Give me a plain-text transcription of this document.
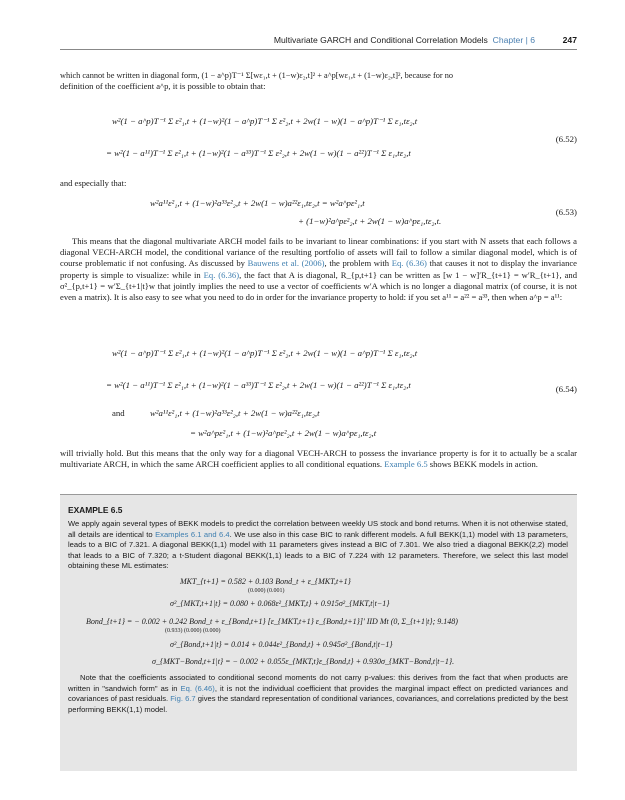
Multivariate GARCH and Conditional Correlation Models Chapter | 6	247

which cannot be written in diagonal form, (1 − a^p)T⁻¹ Σ[wε₁,t + (1−w)ε₂,t]² + a^p[wε₁,t + (1−w)ε₂,t]², because for no

definition of the coefficient a^p, it is possible to obtain that:

w²(1 − a^p)T⁻¹ Σ ε²₁,t + (1−w)²(1 − a^p)T⁻¹ Σ ε²₂,t + 2w(1 − w)(1 − a^p)T⁻¹ Σ ε₁,tε₂,t
= w²(1 − a¹¹)T⁻¹ Σ ε²₁,t + (1−w)²(1 − a³³)T⁻¹ Σ ε²₂,t + 2w(1 − w)(1 − a²²)T⁻¹ Σ ε₁,tε₂,t
(6.52)
and especially that:
w²a¹¹ε²₁,t + (1−w)²a³³ε²₂,t + 2w(1 − w)a²²ε₁,tε₂,t = w²a^pε²₁,t
+ (1−w)²a^pε²₂,t + 2w(1 − w)a^pε₁,tε₂,t.
(6.53)

This means that the diagonal multivariate ARCH model fails to be invariant to linear combinations: if you start with N assets that each follows a diagonal VECH-ARCH model, the conditional variance of the resulting portfolio of assets will fail to follow a similar diagonal model, which is of course problematic if not confusing. As discussed by Bauwens et al. (2006), the problem with Eq. (6.36) that causes it not to display the invariance property is simple to visualize: while in Eq. (6.36), the fact that A is diagonal, R_{p,t+1} can be written as [w 1 − w]′R_{t+1} = w′R_{t+1}, and σ²_{p,t+1} = w′Σ_{t+1|t}w that jointly implies the need to use a vector of coefficients w′A which is no longer a diagonal matrix (of course, it is not even a matrix). It is also easy to see what you need to do in order for the invariance property to hold: if you set a¹¹ = a²² = a³³, then when a^p = a¹¹:

w²(1 − a^p)T⁻¹ Σ ε²₁,t + (1−w)²(1 − a^p)T⁻¹ Σ ε²₂,t + 2w(1 − w)(1 − a^p)T⁻¹ Σ ε₁,tε₂,t
= w²(1 − a¹¹)T⁻¹ Σ ε²₁,t + (1−w)²(1 − a³³)T⁻¹ Σ ε²₂,t + 2w(1 − w)(1 − a²²)T⁻¹ Σ ε₁,tε₂,t	(6.54)
and	w²a¹¹ε²₁,t + (1−w)²a³³ε²₂,t + 2w(1 − w)a²²ε₁,tε₂,t
= w²a^pε²₁,t + (1−w)²a^pε²₂,t + 2w(1 − w)a^pε₁,tε₂,t

will trivially hold. But this means that the only way for a diagonal VECH-ARCH to possess the invariance property is for it to actually be a scalar multivariate ARCH, in which the same ARCH coefficient applies to all conditional equations. Example 6.5 shows BEKK models in action.

EXAMPLE 6.5
We apply again several types of BEKK models to predict the correlation between weekly US stock and bond returns. When it is not otherwise stated, all details are identical to Examples 6.1 and 6.4. We use also in this case BIC to rank different models. A full BEKK(1,1) model with 13 parameters, leads to a BIC of 7.321. A diagonal BEKK(1,1) model with 11 parameters gives instead a BIC of 7.301. We also tried a diagonal BEKK(2,2) model that leads to a BIC of 7.320; a t-Student diagonal BEKK(1,1) leads to a BIC of 7.224 with 12 parameters. Therefore, we select this last model obtaining these ML estimates:
MKT_{t+1} = 0.582 + 0.103 Bond_t + ε_{MKT,t+1}
(0.000) (0.001)
σ²_{MKT,t+1|t} = 0.080 + 0.068ε²_{MKT,t} + 0.915σ²_{MKT,t|t−1}
Bond_{t+1} = − 0.002 + 0.242 Bond_t + ε_{Bond,t+1} [ε_{MKT,t+1} ε_{Bond,t+1}]′ IID Mt (0, Σ_{t+1|t}; 9.148)
(0.933) (0.000) (0.000)
σ²_{Bond,t+1|t} = 0.014 + 0.044ε²_{Bond,t} + 0.945σ²_{Bond,t|t−1}
σ_{MKT−Bond,t+1|t} = − 0.002 + 0.055ε_{MKT,t}ε_{Bond,t} + 0.930σ_{MKT−Bond,t|t−1}.
Note that the coefficients associated to conditional second moments do not carry p-values: this derives from the fact that when products are written in "sandwich form" as in Eq. (6.46), it is not the individual coefficient that provides the marginal impact effect on predicted variances and covariances of past residuals. Fig. 6.7 gives the standard representation of conditional variances, covariances, and correlations predicted by the best performing BEKK(1,1) model.
